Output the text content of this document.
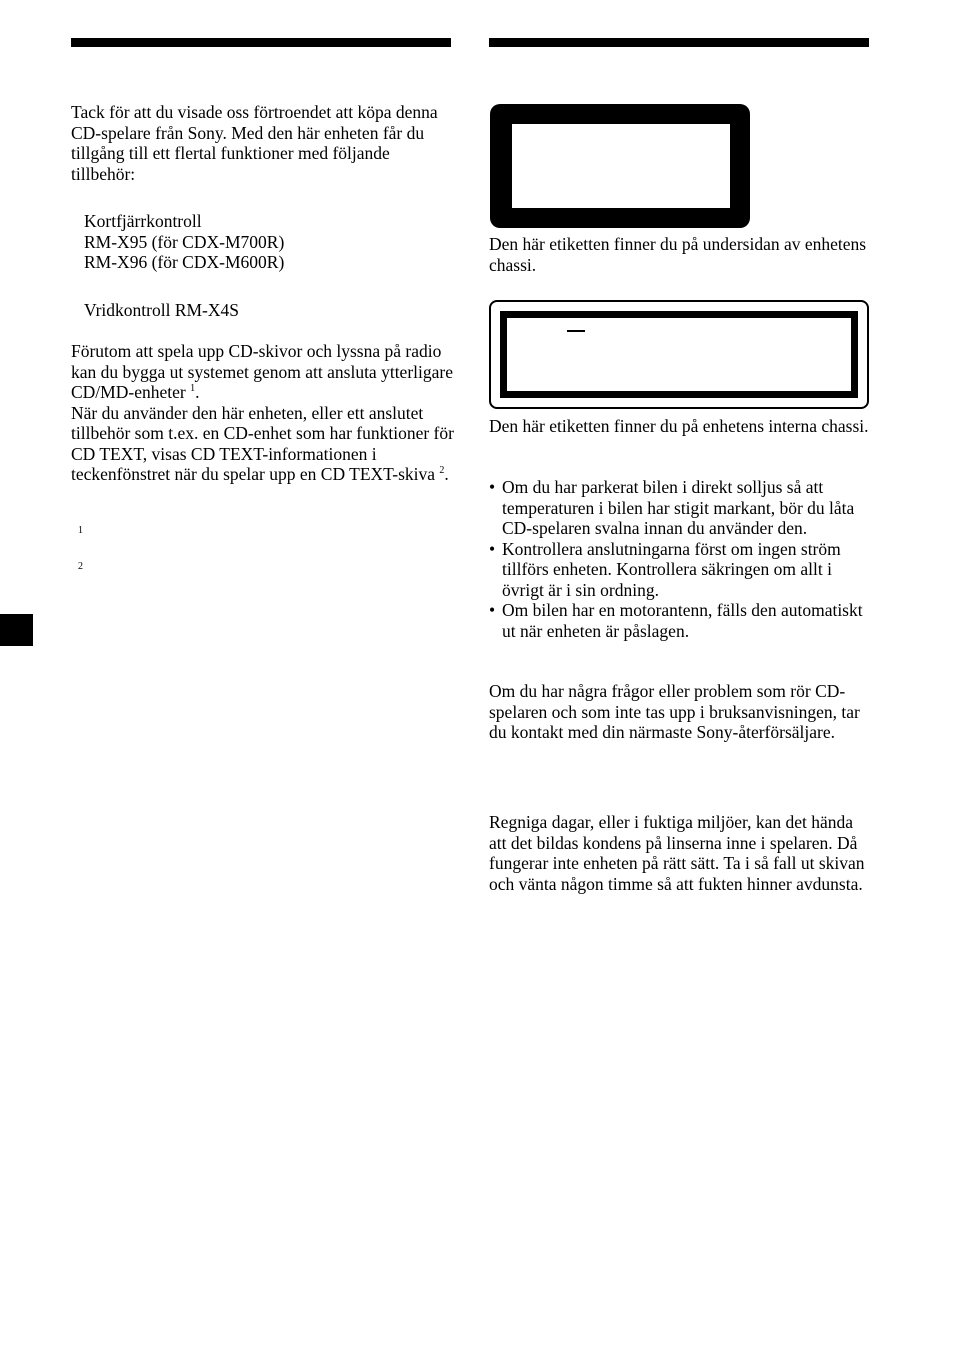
Tack för att du visade oss förtroendet att köpa denna CD-spelare från Sony. Med den här enheten får du tillgång till ett flertal funktioner med följande tillbehör:

Kortfjärrkontroll

RM-X95 (för CDX-M700R)

RM-X96 (för CDX-M600R)

Vridkontroll RM-X4S

Förutom att spela upp CD-skivor och lyssna på radio kan du bygga ut systemet genom att ansluta ytterligare CD/MD-enheter $^1$.

När du använder den här enheten, eller ett anslutet tillbehör som t.ex. en CD-enhet som har funktioner för CD TEXT, visas CD TEXT-informationen i teckenfönstret när du spelar upp en CD TEXT-skiva $^2$.

1
2

Den här etiketten finner du på undersidan av enhetens chassi.

Den här etiketten finner du på enhetens interna chassi.

• Om du har parkerat bilen i direkt solljus så att temperaturen i bilen har stigit markant, bör du låta CD-spelaren svalna innan du använder den.
• Kontrollera anslutningarna först om ingen ström tillförs enheten. Kontrollera säkringen om allt i övrigt är i sin ordning.
• Om bilen har en motorantenn, fälls den automatiskt ut när enheten är påslagen.

Om du har några frågor eller problem som rör CD-spelaren och som inte tas upp i bruksanvisningen, tar du kontakt med din närmaste Sony-återförsäljare.

Regniga dagar, eller i fuktiga miljöer, kan det hända att det bildas kondens på linserna inne i spelaren. Då fungerar inte enheten på rätt sätt. Ta i så fall ut skivan och vänta någon timme så att fukten hinner avdunsta.
